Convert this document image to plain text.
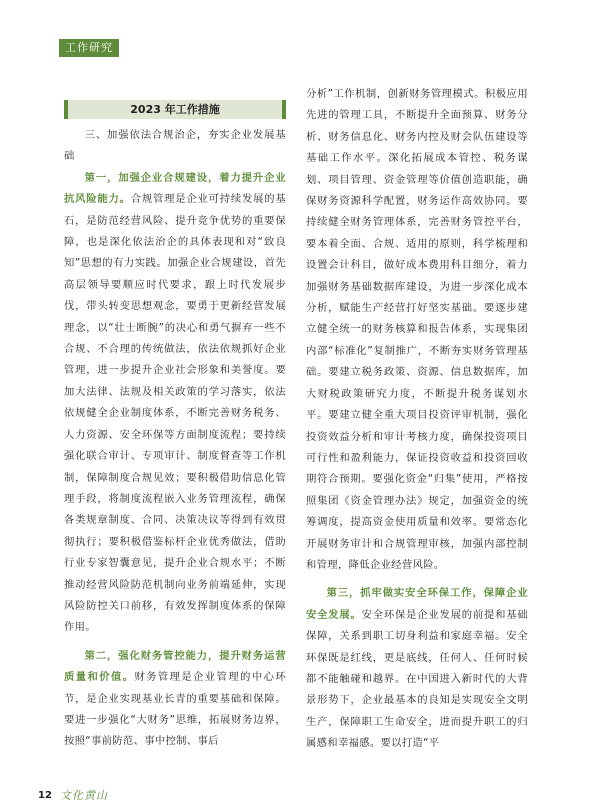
工作研究
2023 年工作措施

三、加强依法合规治企，夯实企业发展基础

第一，加强企业合规建设，着力提升企业抗风险能力。合规管理是企业可持续发展的基石，是防范经营风险、提升竞争优势的重要保障，也是深化依法治企的具体表现和对“致良知”思想的有力实践。加强企业合规建设，首先高层领导要顺应时代要求，跟上时代发展步伐，带头转变思想观念，要勇于更新经营发展理念，以“壮士断腕”的决心和勇气摒弃一些不合规、不合理的传统做法，依法依规抓好企业管理，进一步提升企业社会形象和美誉度。要加大法律、法规及相关政策的学习落实，依法依规健全企业制度体系，不断完善财务税务、人力资源、安全环保等方面制度流程；要持续强化联合审计、专项审计、制度督查等工作机制，保障制度合规见效；要积极借助信息化管理手段，将制度流程嵌入业务管理流程，确保各类规章制度、合同、决策决议等得到有效贯彻执行；要积极借鉴标杆企业优秀做法，借助行业专家智囊意见，提升企业合规水平；不断推动经营风险防范机制向业务前端延伸，实现风险防控关口前移，有效发挥制度体系的保障作用。

第二，强化财务管控能力，提升财务运营质量和价值。财务管理是企业管理的中心环节，是企业实现基业长青的重要基础和保障。要进一步强化“大财务”思维，拓展财务边界，按照“事前防范、事中控制、事后

分析”工作机制，创新财务管理模式。积极应用先进的管理工具，不断提升全面预算、财务分析、财务信息化、财务内控及财会队伍建设等基础工作水平。深化拓展成本管控、税务谋划、项目管理、资金管理等价值创造职能，确保财务资源科学配置，财务运作高效协同。要持续健全财务管理体系，完善财务管控平台，要本着全面、合规、适用的原则，科学梳理和设置会计科目，做好成本费用科目细分，着力加强财务基础数据库建设，为进一步深化成本分析，赋能生产经营打好坚实基础。要逐步建立健全统一的财务核算和报告体系，实现集团内部“标准化”复制推广，不断夯实财务管理基础。要建立税务政策、资源、信息数据库，加大财税政策研究力度，不断提升税务谋划水平。要建立健全重大项目投资评审机制，强化投资效益分析和审计考核力度，确保投资项目可行性和盈利能力，保证投资收益和投资回收期符合预期。要强化资金“归集”使用，严格按照集团《资金管理办法》规定，加强资金的统筹调度，提高资金使用质量和效率。要常态化开展财务审计和合规管理审核，加强内部控制和管理，降低企业经营风险。

第三，抓牢做实安全环保工作，保障企业安全发展。安全环保是企业发展的前提和基础保障，关系到职工切身利益和家庭幸福。安全环保既是红线，更是底线，任何人、任何时候都不能触碰和越界。在中国进入新时代的大背景形势下，企业最基本的良知是实现安全文明生产，保障职工生命安全，进而提升职工的归属感和幸福感。要以打造“平

12 文化黄山
